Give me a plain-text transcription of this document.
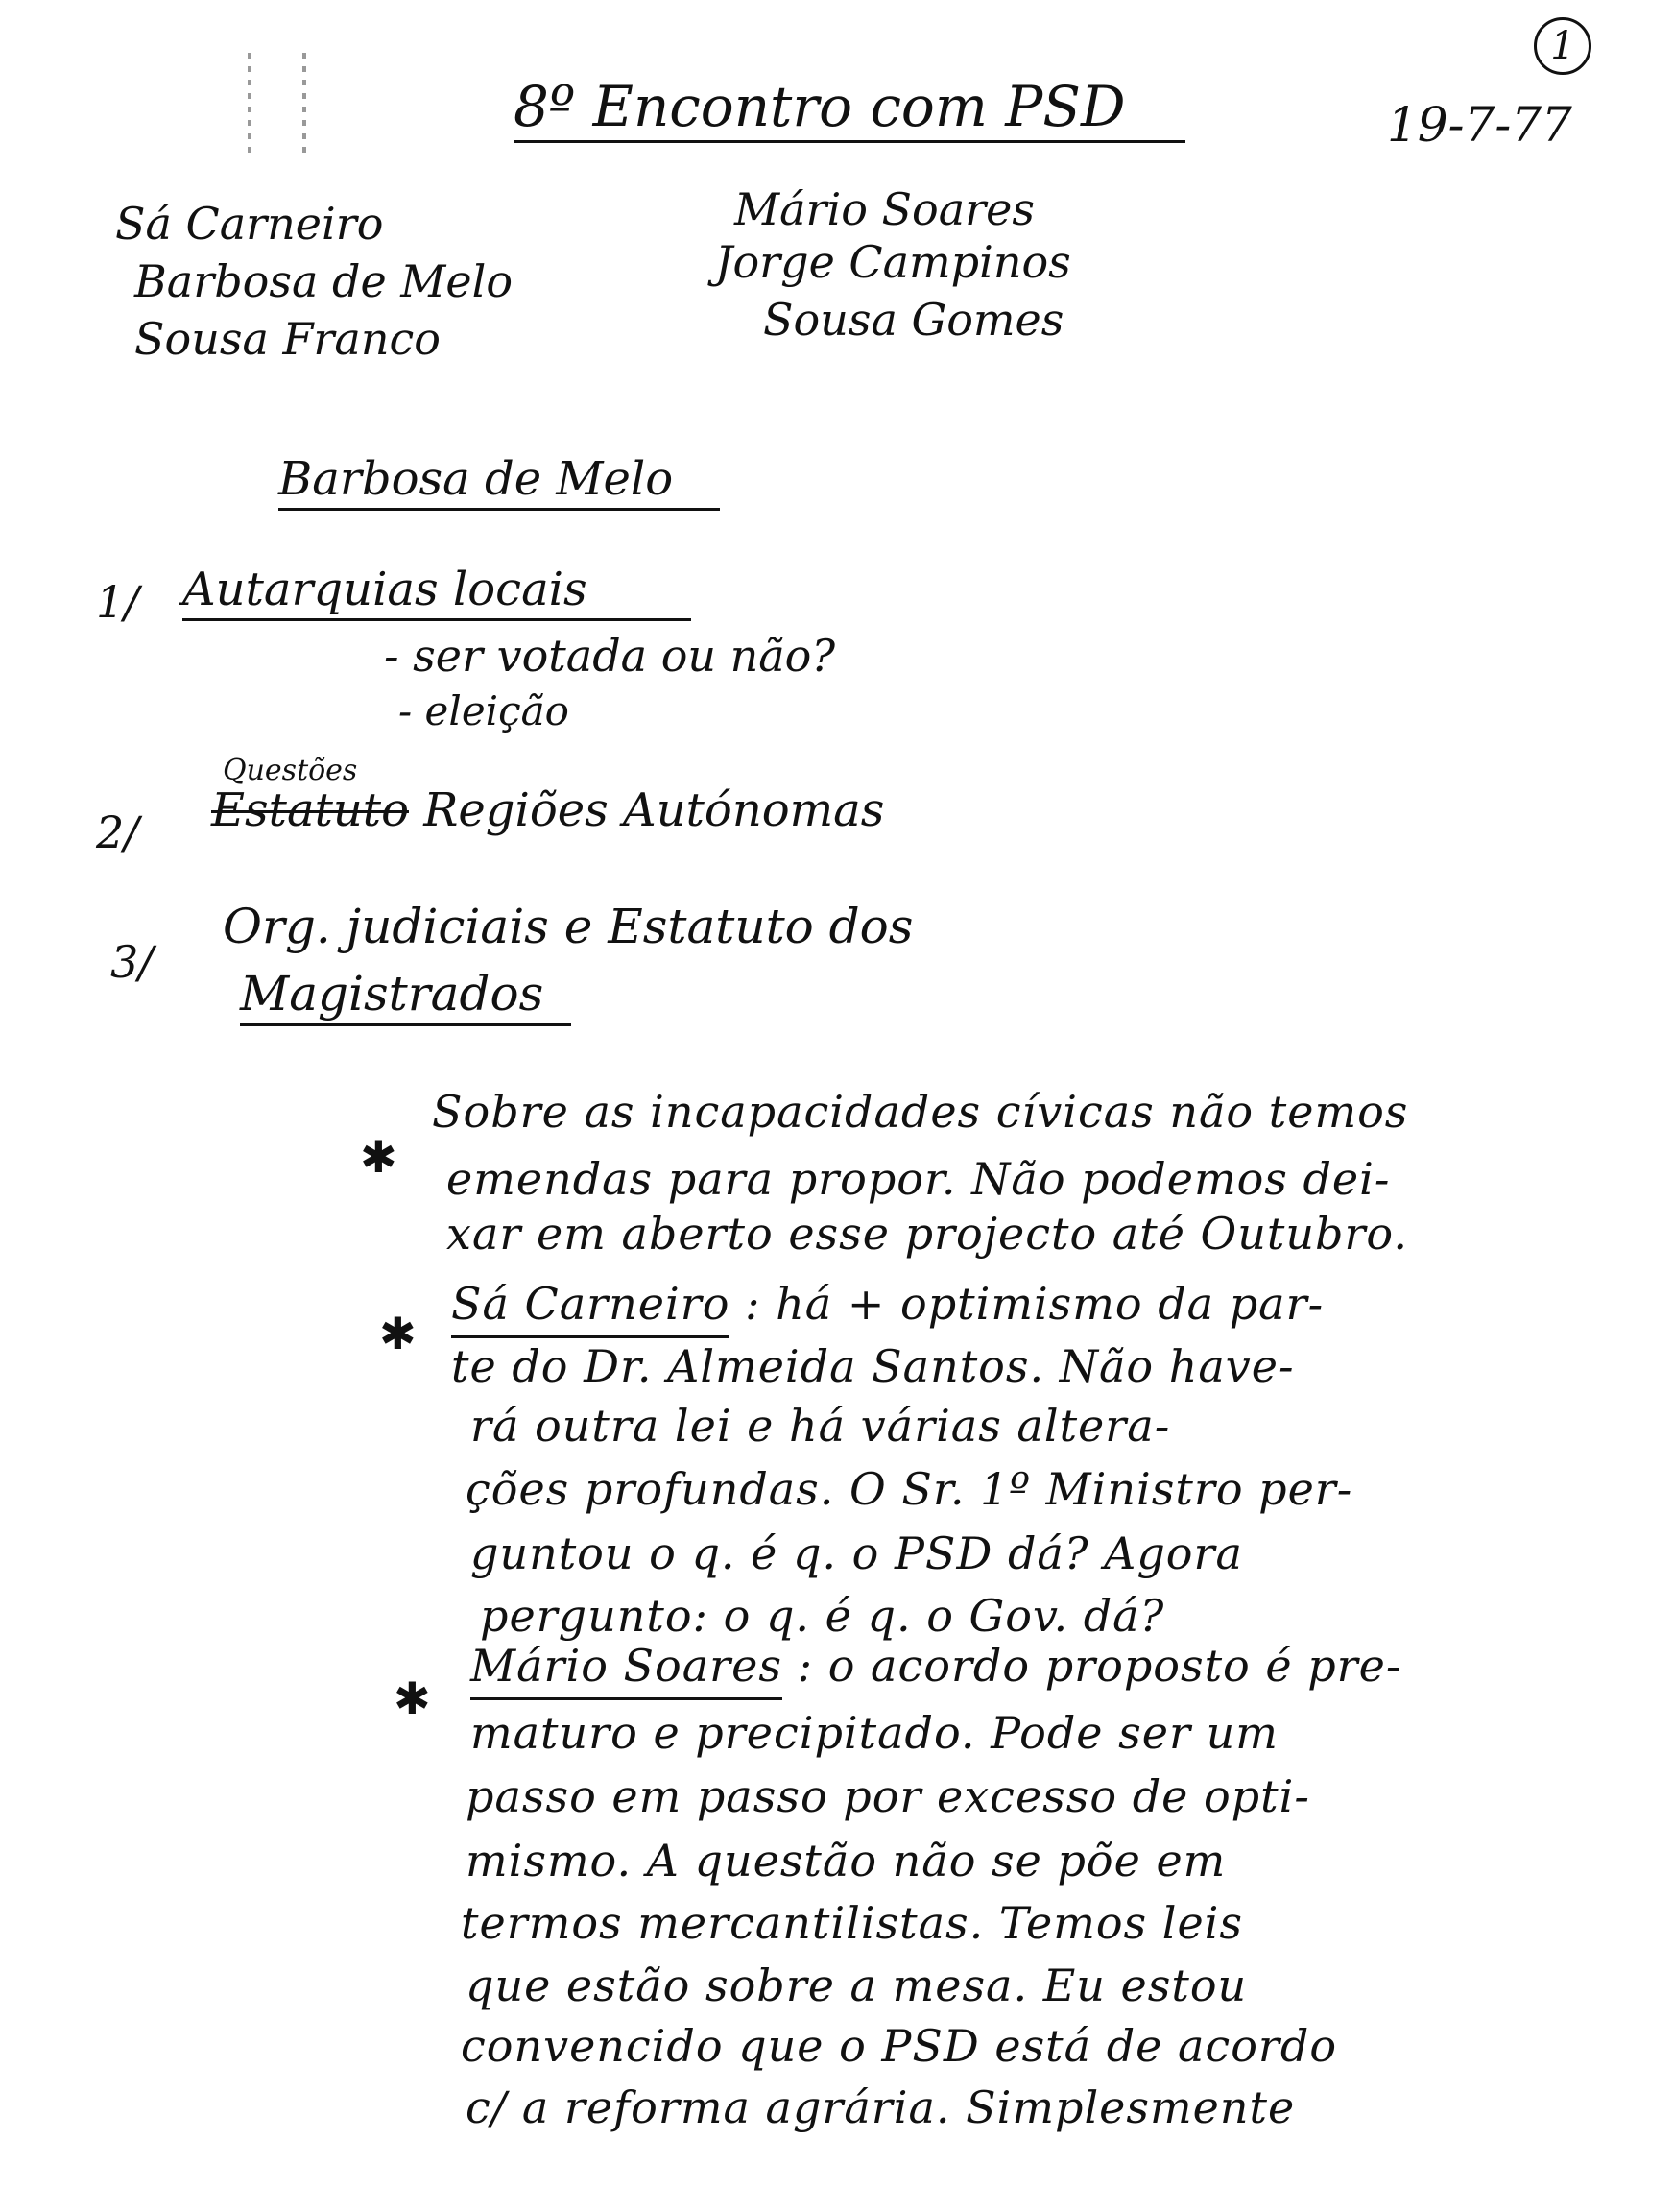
1
8º Encontro com PSD	19-7-77
Sá Carneiro
Barbosa de Melo
Sousa Franco
Mário Soares
Jorge Campinos
Sousa Gomes
Barbosa de Melo
1/ Autarquias locais
- ser votada ou não?
- eleição
Questões
2/ Estatuto Regiões Autónomas
3/
Org. judiciais e Estatuto dos
Magistrados
✱
Sobre as incapacidades cívicas não temos
emendas para propor. Não podemos dei-
xar em aberto esse projecto até Outubro.
✱
Sá Carneiro : há + optimismo da par-
te do Dr. Almeida Santos. Não have-
rá outra lei e há várias altera-
ções profundas. O Sr. 1º Ministro per-
guntou o q. é q. o PSD dá? Agora
pergunto: o q. é q. o Gov. dá?
✱
Mário Soares : o acordo proposto é pre-
maturo e precipitado. Pode ser um
passo em passo por excesso de opti-
mismo. A questão não se põe em
termos mercantilistas. Temos leis
que estão sobre a mesa. Eu estou
convencido que o PSD está de acordo
c/ a reforma agrária. Simplesmente
